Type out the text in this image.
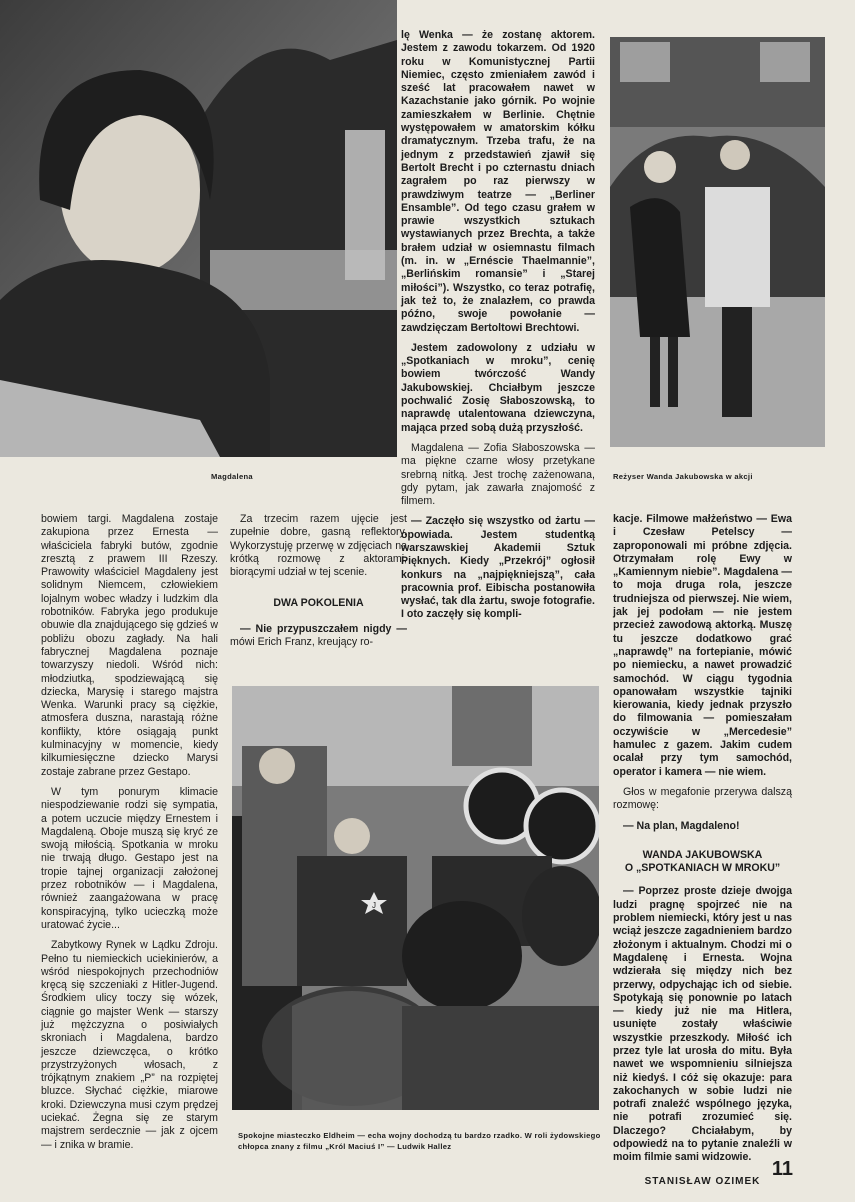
Magdalena	Reżyser Wanda Jakubowska w akcji
J
Spokojne miasteczko Eldheim — echa wojny dochodzą tu bardzo rzadko. W roli żydowskiego chłopca znany z filmu „Król Maciuś I” — Ludwik Hallez

lę Wenka — że zostanę aktorem. Jestem z zawodu tokarzem. Od 1920 roku w Komunistycznej Partii Niemiec, często zmieniałem zawód i sześć lat pracowałem nawet w Kazachstanie jako górnik. Po wojnie zamieszkałem w Berlinie. Chętnie występowałem w amatorskim kółku dramatycznym. Trzeba trafu, że na jednym z przedstawień zjawił się Bertolt Brecht i po czternastu dniach zagrałem po raz pierwszy w prawdziwym teatrze — „Berliner Ensamble”. Od tego czasu grałem w prawie wszystkich sztukach wystawianych przez Brechta, a także brałem udział w osiemnastu filmach (m. in. w „Ernéscie Thaelmannie”, „Berlińskim romansie” i „Starej miłości”). Wszystko, co teraz potrafię, jak też to, że znalazłem, co prawda późno, swoje powołanie — zawdzięczam Bertoltowi Brechtowi.

Jestem zadowolony z udziału w „Spotkaniach w mroku”, cenię bowiem twórczość Wandy Jakubowskiej. Chciałbym jeszcze pochwalić Zosię Słaboszowską, to naprawdę utalentowana dziewczyna, mająca przed sobą dużą przyszłość.

Magdalena — Zofia Słaboszowska — ma piękne czarne włosy przetykane srebrną nitką. Jest trochę zażenowana, gdy pytam, jak zawarła znajomość z filmem.

— Zaczęło się wszystko od żartu — opowiada. Jestem studentką warszawskiej Akademii Sztuk Pięknych. Kiedy „Przekrój” ogłosił konkurs na „najpiękniejszą”, cała pracownia prof. Eibischa postanowiła wysłać, tak dla żartu, swoje fotografie. I oto zaczęły się kompli-

bowiem targi. Magdalena zostaje zakupiona przez Ernesta — właściciela fabryki butów, zgodnie zresztą z prawem III Rzeszy. Prawowity właściciel Magdaleny jest solidnym Niemcem, człowiekiem lojalnym wobec władzy i ludzkim dla robotników. Fabryka jego produkuje obuwie dla znajdującego się gdzieś w pobliżu obozu zagłady. Na hali fabrycznej Magdalena poznaje towarzyszy niedoli. Wśród nich: młodziutką, spodziewającą się dziecka, Marysię i starego majstra Wenka. Warunki pracy są ciężkie, atmosfera duszna, narastają różne konflikty, które osiągają punkt kulminacyjny w momencie, kiedy kilkumiesięczne dziecko Marysi zostaje zabrane przez Gestapo.

W tym ponurym klimacie niespodziewanie rodzi się sympatia, a potem uczucie między Ernestem i Magdaleną. Oboje muszą się kryć ze swoją miłością. Spotkania w mroku nie trwają długo. Gestapo jest na tropie tajnej organizacji założonej przez robotników — i Magdalena, również zaangażowana w pracę konspiracyjną, tylko ucieczką może uratować życie...

Zabytkowy Rynek w Lądku Zdroju. Pełno tu niemieckich uciekinierów, a wśród niespokojnych przechodniów kręcą się szczeniaki z Hitler-Jugend. Środkiem ulicy toczy się wózek, ciągnie go majster Wenk — starszy już mężczyzna o posiwiałych skroniach i Magdalena, bardzo jeszcze dziewczęca, o krótko przystrzyżonych włosach, z trójkątnym znakiem „P” na rozpiętej bluzce. Słychać ciężkie, miarowe kroki. Dziewczyna musi czym prędzej uciekać. Żegna się ze starym majstrem serdecznie — jak z ojcem — i znika w bramie.

Za trzecim razem ujęcie jest zupełnie dobre, gasną reflektory. Wykorzystuję przerwę w zdjęciach na krótką rozmowę z aktorami, biorącymi udział w tej scenie.

DWA POKOLENIA

— Nie przypuszczałem nigdy — mówi Erich Franz, kreujący ro-

kacje. Filmowe małżeństwo — Ewa i Czesław Petelscy — zaproponowali mi próbne zdjęcia. Otrzymałam rolę Ewy w „Kamiennym niebie”. Magdalena — to moja druga rola, jeszcze trudniejsza od pierwszej. Nie wiem, jak jej podołam — nie jestem przecież zawodową aktorką. Muszę tu jeszcze dodatkowo grać „naprawdę” na fortepianie, mówić po niemiecku, a nawet prowadzić samochód. W ciągu tygodnia opanowałam wszystkie tajniki kierowania, kiedy jednak przyszło do filmowania — pomieszałam oczywiście w „Mercedesie” hamulec z gazem. Jakim cudem ocalał przy tym samochód, operator i kamera — nie wiem.

Głos w megafonie przerywa dalszą rozmowę:

— Na plan, Magdaleno!

WANDA JAKUBOWSKA
O „SPOTKANIACH W MROKU”

— Poprzez proste dzieje dwojga ludzi pragnę spojrzeć nie na problem niemiecki, który jest u nas wciąż jeszcze zagadnieniem bardzo złożonym i aktualnym. Chodzi mi o Magdalenę i Ernesta. Wojna wdzierała się między nich bez przerwy, odpychając ich od siebie. Spotykają się ponownie po latach — kiedy już nie ma Hitlera, usunięte zostały właściwie wszystkie przeszkody. Miłość ich przez tyle lat urosła do mitu. Była nawet we wspomnieniu silniejsza niż kiedyś. I cóż się okazuje: para zakochanych w sobie ludzi nie potrafi znaleźć wspólnego języka, nie potrafi zrozumieć się. Dlaczego? Chciałabym, by odpowiedź na to pytanie znaleźli w moim filmie sami widzowie.

STANISŁAW OZIMEK
11
